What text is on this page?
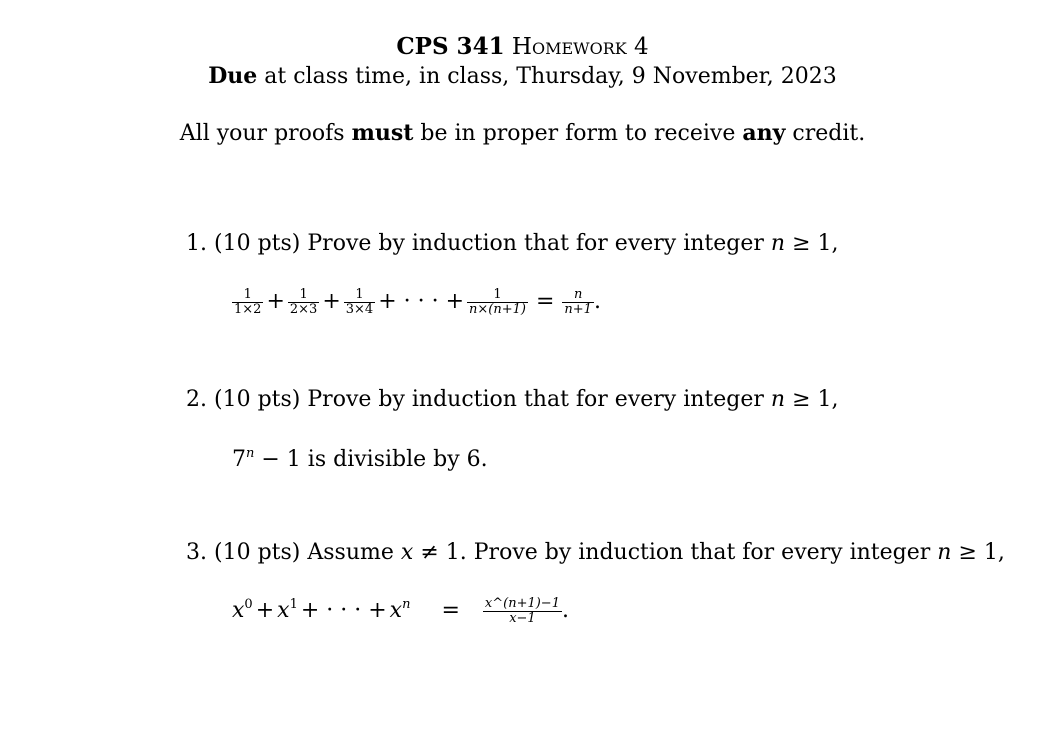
CPS 341 Homework 4
Due at class time, in class, Thursday, 9 November, 2023
All your proofs must be in proper form to receive any credit.
1. (10 pts) Prove by induction that for every integer n ≥ 1,
$\frac{1}{1\times 2} + \frac{1}{2\times 3} + \frac{1}{3\times 4}$ + · · · + $\frac{1}{n\times(n+1)} = \frac{n}{n+1}$ .
2. (10 pts) Prove by induction that for every integer n ≥ 1,
$7^n - 1$ is divisible by 6.
3. (10 pts) Assume x ≠ 1. Prove by induction that for every integer n ≥ 1,
$x^0 + x^1$ + · · · + $x^n = \frac{x\^{}(n+1)-1}{x-1}$ .
